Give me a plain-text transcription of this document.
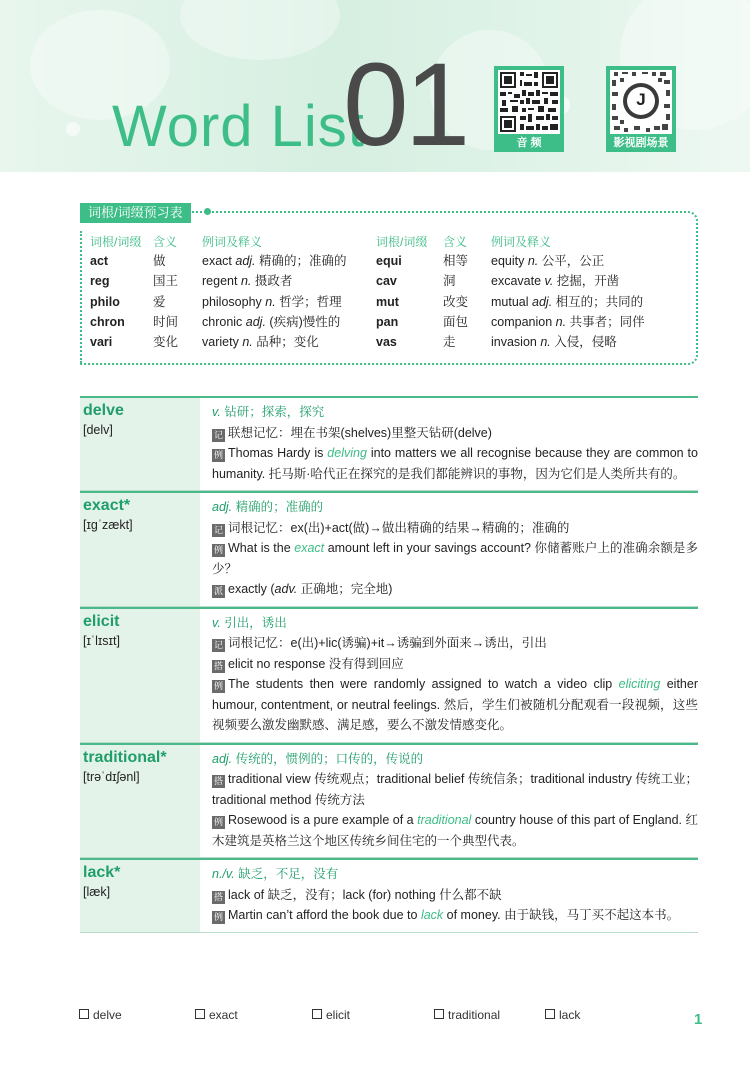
Word List
01	音 频
J
影视剧场景
词根/词缀预习表
词根/词缀 含义 例词及释义
act	做	exact adj. 精确的；准确的
reg	国王 regent n. 摄政者
philo	爱	philosophy n. 哲学；哲理
chron 时间 chronic adj. (疾病)慢性的
vari	变化 variety n. 品种；变化
词根/词缀 含义 例词及释义
equi	相等 equity n. 公平，公正
cav	洞	excavate v. 挖掘，开凿
mut	改变 mutual adj. 相互的；共同的
pan	面包 companion n. 共事者；同伴
vas	走	invasion n. 入侵，侵略
delve
[delv]
v. 钻研；探索，探究
记 联想记忆：埋在书架(shelves)里整天钻研(delve)
例 Thomas Hardy is delving into matters we all recognise because they are common to humanity. 托马斯·哈代正在探究的是我们都能辨识的事物，因为它们是人类所共有的。
exact*
[ɪɡˈzækt]
adj. 精确的；准确的
记 词根记忆：ex(出)+act(做)→做出精确的结果→精确的；准确的
例 What is the exact amount left in your savings account? 你储蓄账户上的准确余额是多少？
派 exactly (adv. 正确地；完全地)
elicit
[ɪˈlɪsɪt]
v. 引出，诱出
记 词根记忆：e(出)+lic(诱骗)+it→诱骗到外面来→诱出，引出
搭 elicit no response 没有得到回应
例 The students then were randomly assigned to watch a video clip eliciting either humour, contentment, or neutral feelings. 然后，学生们被随机分配观看一段视频，这些视频要么激发幽默感、满足感，要么不激发情感变化。
traditional*
[trəˈdɪʃənl]
adj. 传统的，惯例的；口传的，传说的
搭 traditional view 传统观点；traditional belief 传统信条；traditional industry 传统工业；traditional method 传统方法
例 Rosewood is a pure example of a traditional country house of this part of England. 红木建筑是英格兰这个地区传统乡间住宅的一个典型代表。
lack*
[læk]
n./v. 缺乏，不足，没有
搭 lack of 缺乏，没有；lack (for) nothing 什么都不缺
例 Martin can’t afford the book due to lack of money. 由于缺钱，马丁买不起这本书。
delve	exact	elicit	traditional	lack	1
